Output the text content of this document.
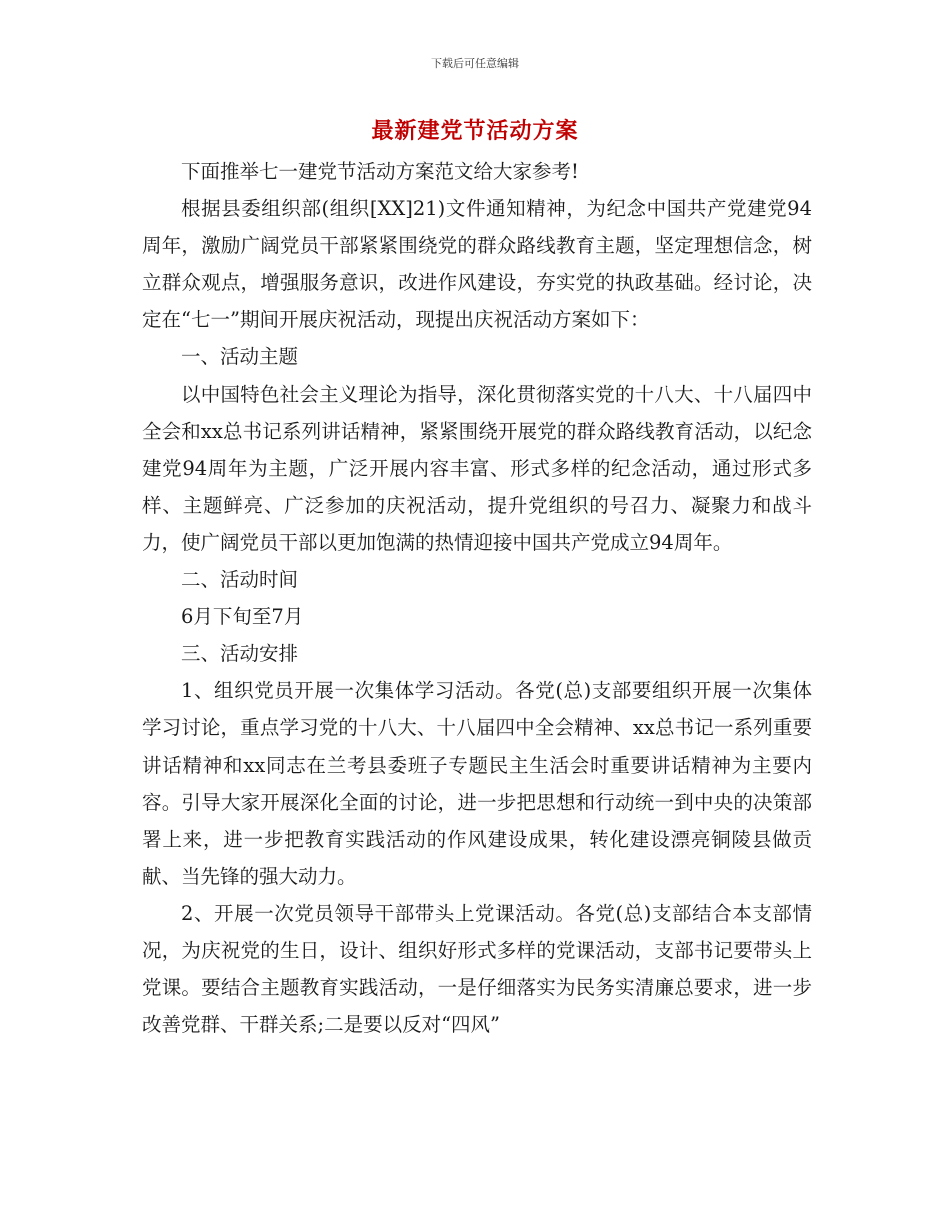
下载后可任意编辑
最新建党节活动方案

下面推举七一建党节活动方案范文给大家参考!

根据县委组织部(组织[XX]21)文件通知精神，为纪念中国共产党建党94周年，激励广阔党员干部紧紧围绕党的群众路线教育主题，坚定理想信念，树立群众观点，增强服务意识，改进作风建设，夯实党的执政基础。经讨论，决定在“七一”期间开展庆祝活动，现提出庆祝活动方案如下：

一、活动主题

以中国特色社会主义理论为指导，深化贯彻落实党的十八大、十八届四中全会和xx总书记系列讲话精神，紧紧围绕开展党的群众路线教育活动，以纪念建党94周年为主题，广泛开展内容丰富、形式多样的纪念活动，通过形式多样、主题鲜亮、广泛参加的庆祝活动，提升党组织的号召力、凝聚力和战斗力，使广阔党员干部以更加饱满的热情迎接中国共产党成立94周年。

二、活动时间

6月下旬至7月

三、活动安排

1、组织党员开展一次集体学习活动。各党(总)支部要组织开展一次集体学习讨论，重点学习党的十八大、十八届四中全会精神、xx总书记一系列重要讲话精神和xx同志在兰考县委班子专题民主生活会时重要讲话精神为主要内容。引导大家开展深化全面的讨论，进一步把思想和行动统一到中央的决策部署上来，进一步把教育实践活动的作风建设成果，转化建设漂亮铜陵县做贡献、当先锋的强大动力。

2、开展一次党员领导干部带头上党课活动。各党(总)支部结合本支部情况，为庆祝党的生日，设计、组织好形式多样的党课活动，支部书记要带头上党课。要结合主题教育实践活动，一是仔细落实为民务实清廉总要求，进一步改善党群、干群关系;二是要以反对“四风”
